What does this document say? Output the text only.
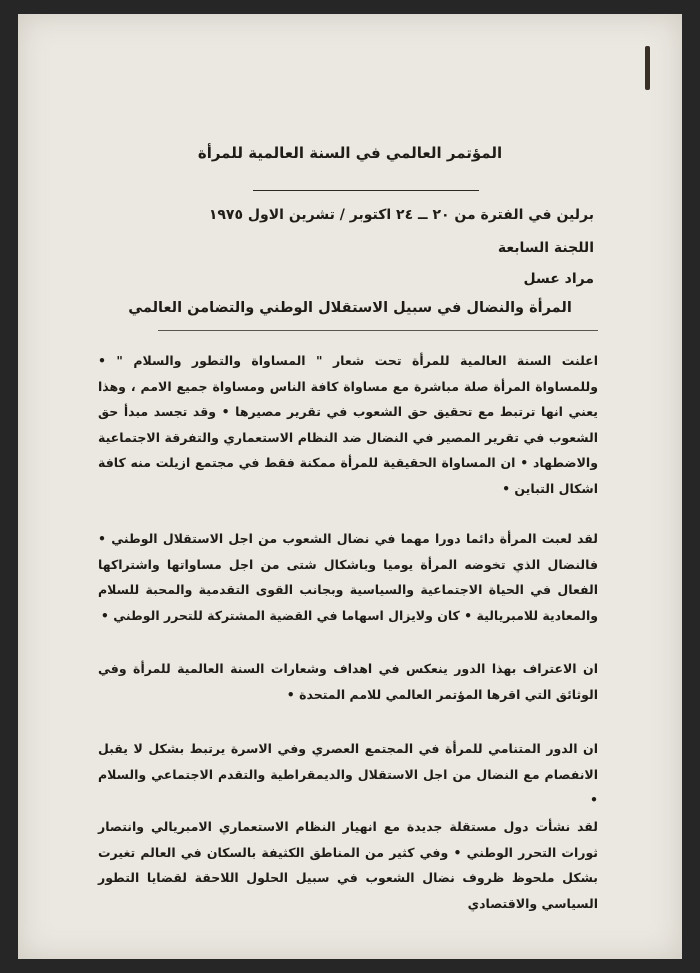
المؤتمر العالمي في السنة العالمية للمرأة
برلين في الفترة من ٢٠ ــ ٢٤ اكتوبر / تشرين الاول ١٩٧٥
اللجنة السابعة
مراد عسل
المرأة والنضال في سبيل الاستقلال الوطني والتضامن العالمي
اعلنت السنة العالمية للمرأة تحت شعار " المساواة والتطور والسلام " • وللمساواة المرأة صلة مباشرة مع مساواة كافة الناس ومساواة جميع الامم ، وهذا يعني انها ترتبط مع تحقيق حق الشعوب في تقرير مصيرها • وقد تجسد مبدأ حق الشعوب في تقرير المصير في النضال ضد النظام الاستعماري والتفرقة الاجتماعية والاضطهاد • ان المساواة الحقيقية للمرأة ممكنة فقط في مجتمع ازيلت منه كافة اشكال التباين •
لقد لعبت المرأة دائما دورا مهما في نضال الشعوب من اجل الاستقلال الوطني • فالنضال الذي تخوضه المرأة يوميا وباشكال شتى من اجل مساواتها واشتراكها الفعال في الحياة الاجتماعية والسياسية وبجانب القوى التقدمية والمحبة للسلام والمعادية للامبريالية • كان ولايزال اسهاما في القضية المشتركة للتحرر الوطني •
ان الاعتراف بهذا الدور ينعكس في اهداف وشعارات السنة العالمية للمرأة وفي الوثائق التي اقرها المؤتمر العالمي للامم المتحدة •
ان الدور المتنامي للمرأة في المجتمع العصري وفي الاسرة يرتبط بشكل لا يقبل الانفصام مع النضال من اجل الاستقلال والديمقراطية والتقدم الاجتماعي والسلام •
لقد نشأت دول مستقلة جديدة مع انهيار النظام الاستعماري الامبريالي وانتصار ثورات التحرر الوطني • وفي كثير من المناطق الكثيفة بالسكان في العالم تغيرت بشكل ملحوظ ظروف نضال الشعوب في سبيل الحلول اللاحقة لقضايا التطور السياسي والاقتصادي
